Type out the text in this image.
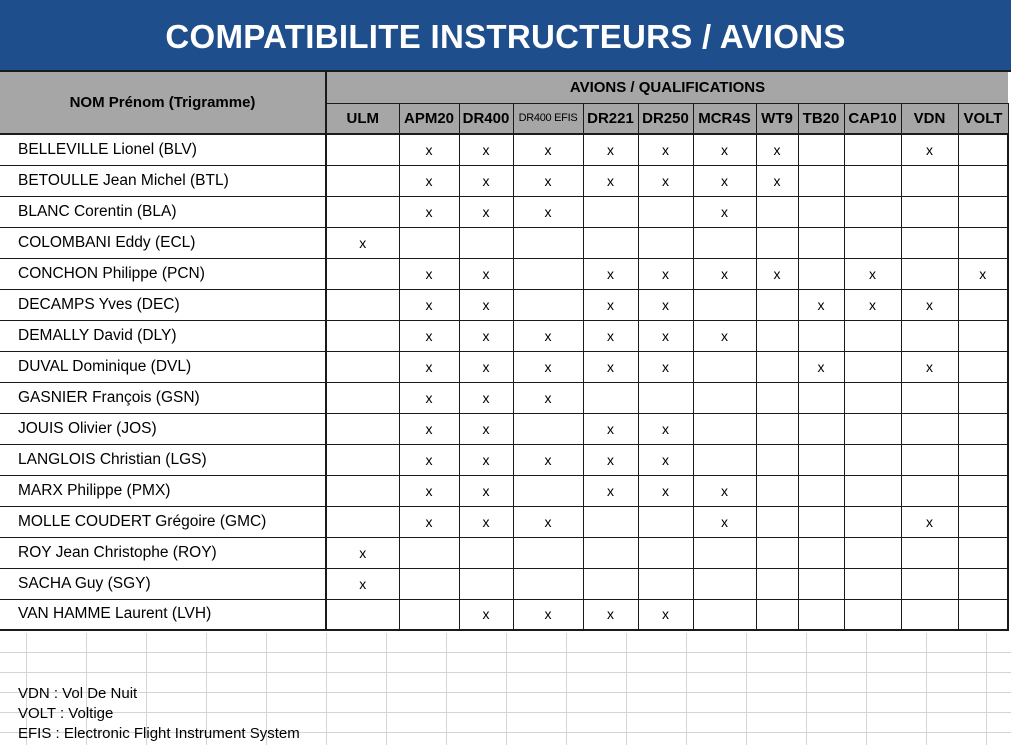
COMPATIBILITE INSTRUCTEURS / AVIONS
NOM Prénom (Trigramme)	AVIONS / QUALIFICATIONS											
	ULM	APM20	DR400	DR400 EFIS	DR221	DR250	MCR4S	WT9	TB20	CAP10	VDN	VOLT
BELLEVILLE Lionel (BLV)		x	x	x	x	x	x	x			x	
BETOULLE Jean Michel (BTL)		x	x	x	x	x	x	x				
BLANC Corentin (BLA)		x	x	x			x					
COLOMBANI Eddy (ECL)	x											
CONCHON Philippe (PCN)		x	x		x	x	x	x		x		x
DECAMPS Yves (DEC)		x	x		x	x			x	x	x	
DEMALLY David (DLY)		x	x	x	x	x	x					
DUVAL Dominique (DVL)		x	x	x	x	x			x		x	
GASNIER François (GSN)		x	x	x								
JOUIS Olivier (JOS)		x	x		x	x						
LANGLOIS Christian (LGS)		x	x	x	x	x						
MARX Philippe (PMX)		x	x		x	x	x					
MOLLE COUDERT Grégoire (GMC)		x	x	x			x				x	
ROY Jean Christophe (ROY)	x											
SACHA Guy (SGY)	x											
VAN HAMME Laurent (LVH)			x	x	x	x						
VDN : Vol De Nuit
VOLT : Voltige
EFIS : Electronic Flight Instrument System
